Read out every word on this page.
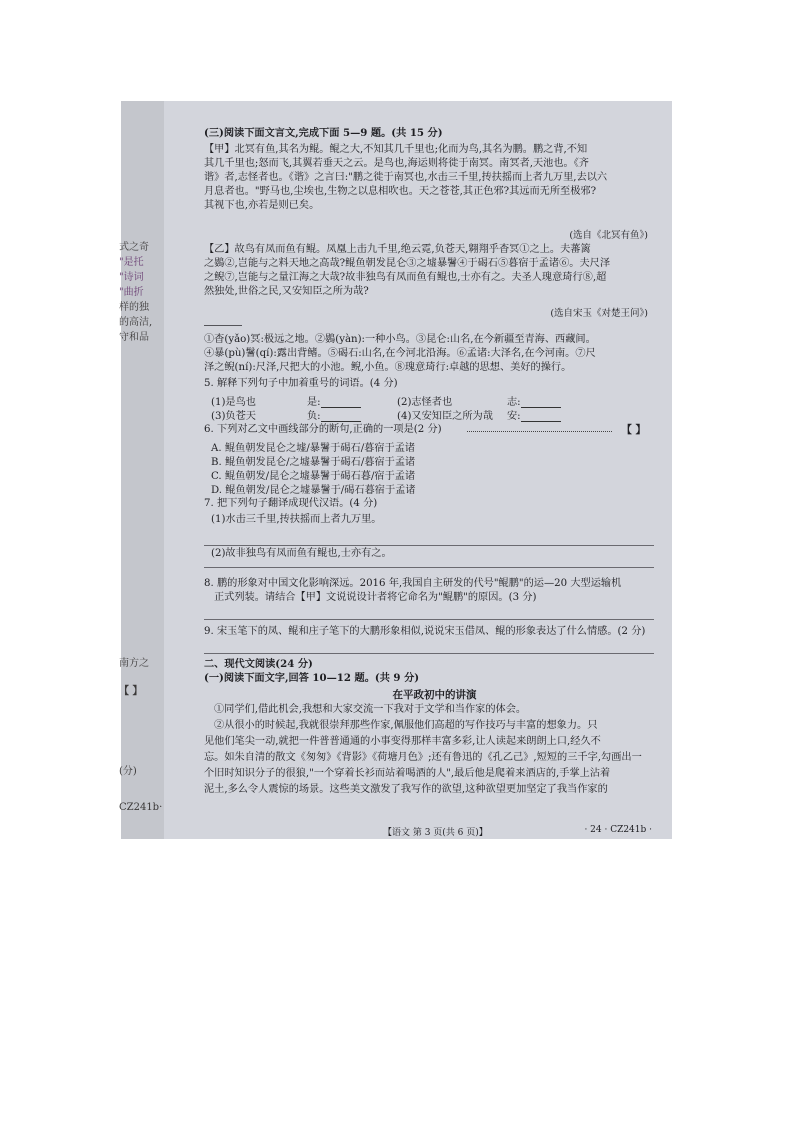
式之奇
"是托
"诗词
"曲折
样的独
的高洁,
守和品
南方之
【 】
(分)
CZ241b·
(三)阅读下面文言文,完成下面 5—9 题。(共 15 分)
【甲】北冥有鱼,其名为鲲。鲲之大,不知其几千里也;化而为鸟,其名为鹏。鹏之背,不知
其几千里也;怒而飞,其翼若垂天之云。是鸟也,海运则将徙于南冥。南冥者,天池也。《齐
谐》者,志怪者也。《谐》之言曰:"鹏之徙于南冥也,水击三千里,抟扶摇而上者九万里,去以六
月息者也。"野马也,尘埃也,生物之以息相吹也。天之苍苍,其正色邪?其远而无所至极邪?
其视下也,亦若是则已矣。
(选自《北冥有鱼》)
【乙】故鸟有凤而鱼有鲲。凤凰上击九千里,绝云霓,负苍天,翱翔乎杳冥①之上。夫蕃篱
之鷃②,岂能与之料天地之高哉?鲲鱼朝发昆仑③之墟暴鬐④于碣石⑤暮宿于孟诸⑥。夫尺泽
之鲵⑦,岂能与之量江海之大哉?故非独鸟有凤而鱼有鲲也,士亦有之。夫圣人瑰意琦行⑧,超
然独处,世俗之民,又安知臣之所为哉?
(选自宋玉《对楚王问》)
①杳(yǎo)冥:极远之地。②鷃(yàn):一种小鸟。③昆仑:山名,在今新疆至青海、西藏间。
④暴(pù)鬐(qí):露出背鳍。⑤碣石:山名,在今河北沿海。⑥孟诸:大泽名,在今河南。⑦尺
泽之鲵(ní):尺泽,尺把大的小池。鲵,小鱼。⑧瑰意琦行:卓越的思想、美好的操行。
5. 解释下列句子中加着重号的词语。(4 分)
(1)是鸟也	是:	(2)志怪者也	志:
(3)负苍天	负:	(4)又安知臣之所为哉 安:
6. 下列对乙文中画线部分的断句,正确的一项是(2 分)	【 】
A. 鲲鱼朝发昆仑之墟/暴鬐于碣石/暮宿于孟诸
B. 鲲鱼朝发昆仑/之墟暴鬐于碣石/暮宿于孟诸
C. 鲲鱼朝发/昆仑之墟暴鬐于碣石暮/宿于孟诸
D. 鲲鱼朝发/昆仑之墟暴鬐于/碣石暮宿于孟诸
7. 把下列句子翻译成现代汉语。(4 分)
(1)水击三千里,抟扶摇而上者九万里。
(2)故非独鸟有凤而鱼有鲲也,士亦有之。
8. 鹏的形象对中国文化影响深远。2016 年,我国自主研发的代号"鲲鹏"的运—20 大型运输机
正式列装。请结合【甲】文说说设计者将它命名为"鲲鹏"的原因。(3 分)
9. 宋玉笔下的凤、鲲和庄子笔下的大鹏形象相似,说说宋玉借凤、鲲的形象表达了什么情感。(2 分)
二、现代文阅读(24 分)
(一)阅读下面文字,回答 10—12 题。(共 9 分)
在平政初中的讲演
①同学们,借此机会,我想和大家交流一下我对于文学和当作家的体会。
②从很小的时候起,我就很崇拜那些作家,佩服他们高超的写作技巧与丰富的想象力。只
见他们笔尖一动,就把一件普普通通的小事变得那样丰富多彩,让人读起来朗朗上口,经久不
忘。如朱自清的散文《匆匆》《背影》《荷塘月色》;还有鲁迅的《孔乙己》,短短的三千字,勾画出一
个旧时知识分子的很狼,"一个穿着长衫而站着喝酒的人",最后他是爬着来酒店的,手掌上沾着
泥土,多么令人震惊的场景。这些美文激发了我写作的欲望,这种欲望更加坚定了我当作家的
【语文 第 3 页(共 6 页)】	· 24 · CZ241b ·
